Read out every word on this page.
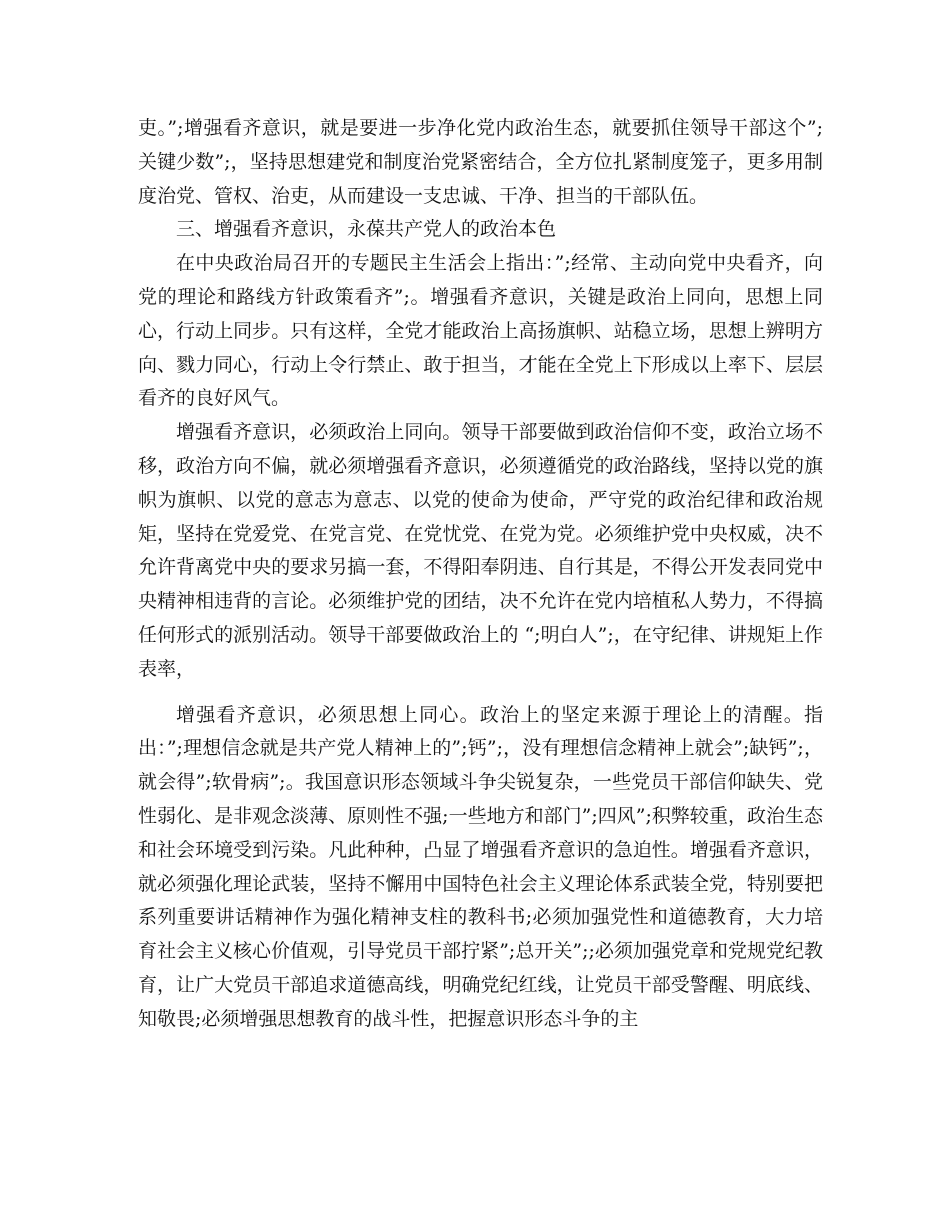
吏。”;增强看齐意识，就是要进一步净化党内政治生态，就要抓住领导干部这个”;关键少数”;，坚持思想建党和制度治党紧密结合，全方位扎紧制度笼子，更多用制度治党、管权、治吏，从而建设一支忠诚、干净、担当的干部队伍。

三、增强看齐意识，永葆共产党人的政治本色

在中央政治局召开的专题民主生活会上指出：”;经常、主动向党中央看齐，向党的理论和路线方针政策看齐”;。增强看齐意识，关键是政治上同向，思想上同心，行动上同步。只有这样，全党才能政治上高扬旗帜、站稳立场，思想上辨明方向、戮力同心，行动上令行禁止、敢于担当，才能在全党上下形成以上率下、层层看齐的良好风气。

增强看齐意识，必须政治上同向。领导干部要做到政治信仰不变，政治立场不移，政治方向不偏，就必须增强看齐意识，必须遵循党的政治路线，坚持以党的旗帜为旗帜、以党的意志为意志、以党的使命为使命，严守党的政治纪律和政治规矩，坚持在党爱党、在党言党、在党忧党、在党为党。必须维护党中央权威，决不允许背离党中央的要求另搞一套，不得阳奉阴违、自行其是，不得公开发表同党中央精神相违背的言论。必须维护党的团结，决不允许在党内培植私人势力，不得搞任何形式的派别活动。领导干部要做政治上的 “;明白人”;，在守纪律、讲规矩上作表率，

增强看齐意识，必须思想上同心。政治上的坚定来源于理论上的清醒。指出：”;理想信念就是共产党人精神上的”;钙”;，没有理想信念精神上就会”;缺钙”;，就会得”;软骨病”;。我国意识形态领域斗争尖锐复杂，一些党员干部信仰缺失、党性弱化、是非观念淡薄、原则性不强;一些地方和部门”;四风”;积弊较重，政治生态和社会环境受到污染。凡此种种，凸显了增强看齐意识的急迫性。增强看齐意识，就必须强化理论武装，坚持不懈用中国特色社会主义理论体系武装全党，特别要把系列重要讲话精神作为强化精神支柱的教科书;必须加强党性和道德教育，大力培育社会主义核心价值观，引导党员干部拧紧”;总开关”;;必须加强党章和党规党纪教育，让广大党员干部追求道德高线，明确党纪红线，让党员干部受警醒、明底线、知敬畏;必须增强思想教育的战斗性，把握意识形态斗争的主
